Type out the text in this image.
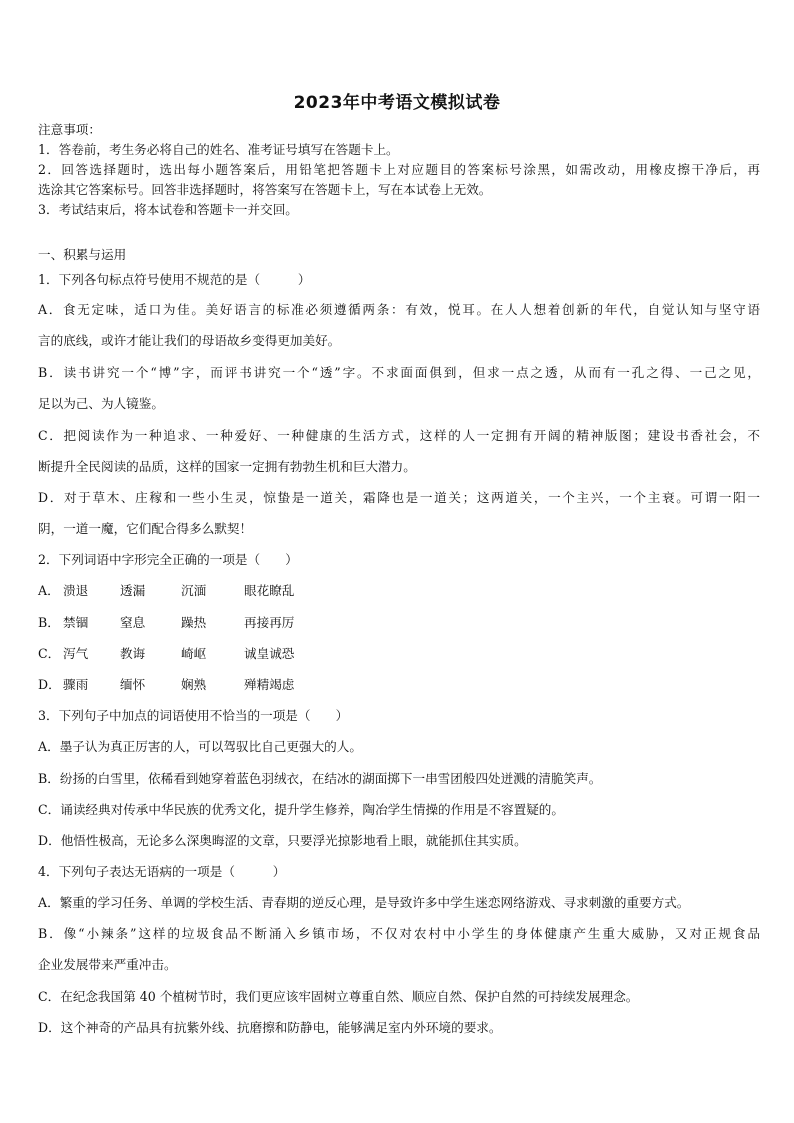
2023年中考语文模拟试卷
注意事项：
1．答卷前，考生务必将自己的姓名、准考证号填写在答题卡上。
2．回答选择题时，选出每小题答案后，用铅笔把答题卡上对应题目的答案标号涂黑，如需改动，用橡皮擦干净后，再
选涂其它答案标号。回答非选择题时，将答案写在答题卡上，写在本试卷上无效。
3．考试结束后，将本试卷和答题卡一并交回。
一、积累与运用
1．下列各句标点符号使用不规范的是（　　　）
A．食无定味，适口为佳。美好语言的标准必须遵循两条：有效，悦耳。在人人想着创新的年代，自觉认知与坚守语
言的底线，或许才能让我们的母语故乡变得更加美好。
B．读书讲究一个“博”字，而评书讲究一个“透”字。不求面面俱到，但求一点之透，从而有一孔之得、一己之见，
足以为己、为人镜鉴。
C．把阅读作为一种追求、一种爱好、一种健康的生活方式，这样的人一定拥有开阔的精神版图；建设书香社会，不
断提升全民阅读的品质，这样的国家一定拥有勃勃生机和巨大潜力。
D．对于草木、庄稼和一些小生灵，惊蛰是一道关，霜降也是一道关；这两道关，一个主兴，一个主衰。可谓一阳一
阴，一道一魔，它们配合得多么默契！
2．下列词语中字形完全正确的一项是（　　）
A． 溃退	透漏	沉湎	眼花瞭乱
B． 禁锢	窒息	躁热	再接再厉
C． 泻气	教诲	崎岖	诚皇诚恐
D． 骤雨	缅怀	娴熟	殚精竭虑
3．下列句子中加点的词语使用不恰当的一项是（　　）
A．墨子认为真正厉害的人，可以驾驭比自己更强大的人。
B．纷扬的白雪里，依稀看到她穿着蓝色羽绒衣，在结冰的湖面掷下一串雪团般四处迸溅的清脆笑声。
C．诵读经典对传承中华民族的优秀文化，提升学生修养，陶冶学生情操的作用是不容置疑的。
D．他悟性极高，无论多么深奥晦涩的文章，只要浮光掠影地看上眼，就能抓住其实质。
4．下列句子表达无语病的一项是（　　　）
A．繁重的学习任务、单调的学校生活、青春期的逆反心理，是导致许多中学生迷恋网络游戏、寻求刺激的重要方式。
B．像“小辣条”这样的垃圾食品不断涌入乡镇市场，不仅对农村中小学生的身体健康产生重大威胁，又对正规食品
企业发展带来严重冲击。
C．在纪念我国第 40 个植树节时，我们更应该牢固树立尊重自然、顺应自然、保护自然的可持续发展理念。
D．这个神奇的产品具有抗紫外线、抗磨擦和防静电，能够满足室内外环境的要求。
